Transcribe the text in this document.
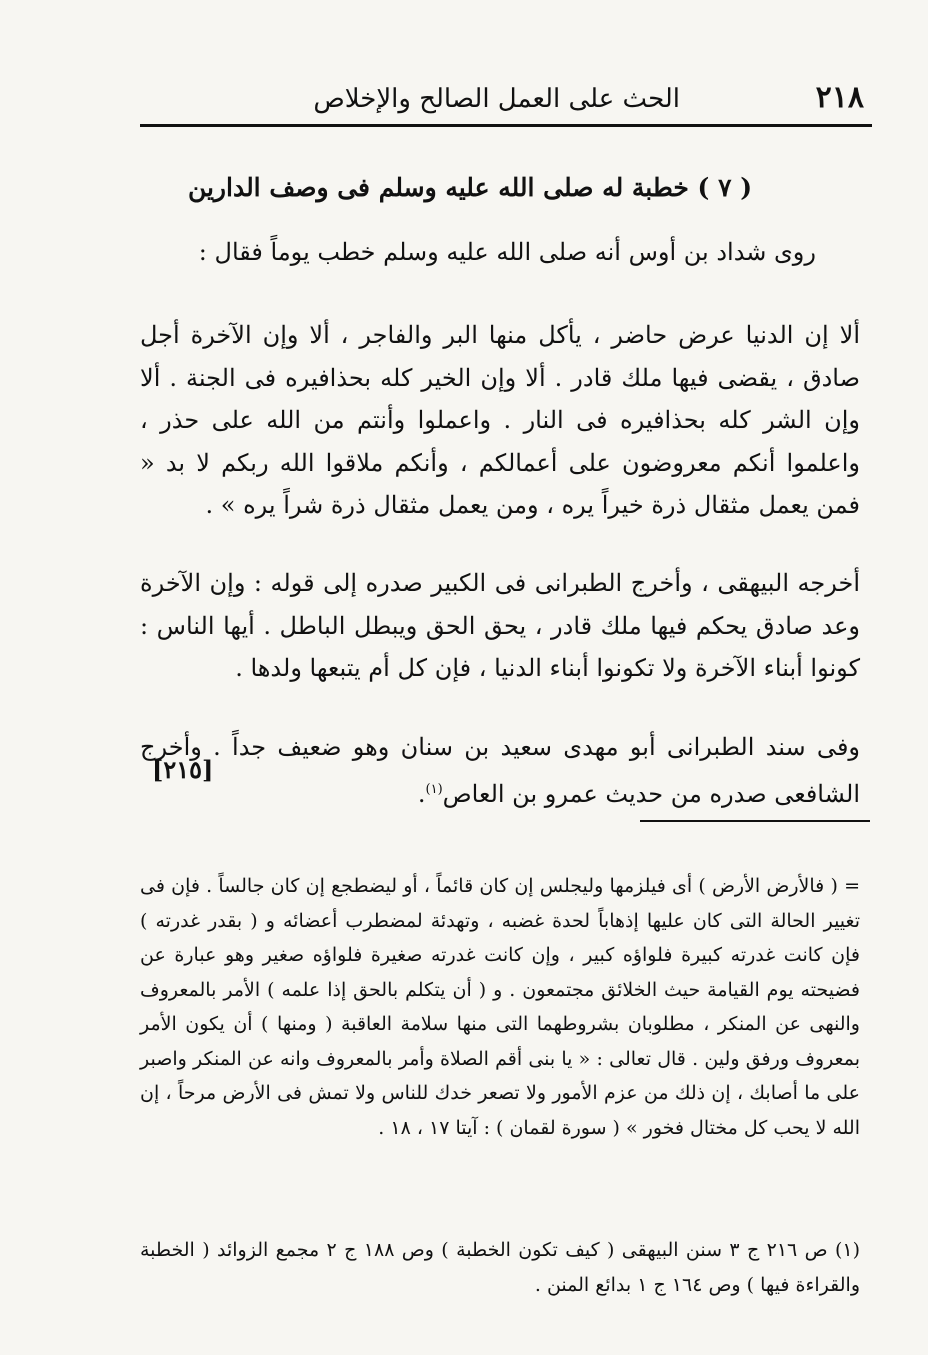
٢١٨
الحث على العمل الصالح والإخلاص
( ٧ ) خطبة له صلى الله عليه وسلم فى وصف الدارين
روى شداد بن أوس أنه صلى الله عليه وسلم خطب يوماً فقال :

ألا إن الدنيا عرض حاضر ، يأكل منها البر والفاجر ، ألا وإن الآخرة أجل صادق ، يقضى فيها ملك قادر . ألا وإن الخير كله بحذافيره فى الجنة . ألا وإن الشر كله بحذافيره فى النار . واعملوا وأنتم من الله على حذر ، واعلموا أنكم معروضون على أعمالكم ، وأنكم ملاقوا الله ربكم لا بد « فمن يعمل مثقال ذرة خيراً يره ، ومن يعمل مثقال ذرة شراً يره » .

أخرجه البيهقى ، وأخرج الطبرانى فى الكبير صدره إلى قوله : وإن الآخرة وعد صادق يحكم فيها ملك قادر ، يحق الحق ويبطل الباطل . أيها الناس : كونوا أبناء الآخرة ولا تكونوا أبناء الدنيا ، فإن كل أم يتبعها ولدها .

وفى سند الطبرانى أبو مهدى سعيد بن سنان وهو ضعيف جداً . وأخرج الشافعى صدره من حديث عمرو بن العاص$^{(١)}$.

[٢١٥]

= ( فالأرض الأرض ) أى فيلزمها وليجلس إن كان قائماً ، أو ليضطجع إن كان جالساً . فإن فى تغيير الحالة التى كان عليها إذهاباً لحدة غضبه ، وتهدئة لمضطرب أعضائه و ( بقدر غدرته ) فإن كانت غدرته كبيرة فلواؤه كبير ، وإن كانت غدرته صغيرة فلواؤه صغير وهو عبارة عن فضيحته يوم القيامة حيث الخلائق مجتمعون . و ( أن يتكلم بالحق إذا علمه ) الأمر بالمعروف والنهى عن المنكر ، مطلوبان بشروطهما التى منها سلامة العاقبة ( ومنها ) أن يكون الأمر بمعروف ورفق ولين . قال تعالى : « يا بنى أقم الصلاة وأمر بالمعروف وانه عن المنكر واصبر على ما أصابك ، إن ذلك من عزم الأمور ولا تصعر خدك للناس ولا تمش فى الأرض مرحاً ، إن الله لا يحب كل مختال فخور » ( سورة لقمان ) : آيتا ١٧ ، ١٨ .

(١) ص ٢١٦ ج ٣ سنن البيهقى ( كيف تكون الخطبة ) وص ١٨٨ ج ٢ مجمع الزوائد ( الخطبة والقراءة فيها ) وص ١٦٤ ج ١ بدائع المنن .
